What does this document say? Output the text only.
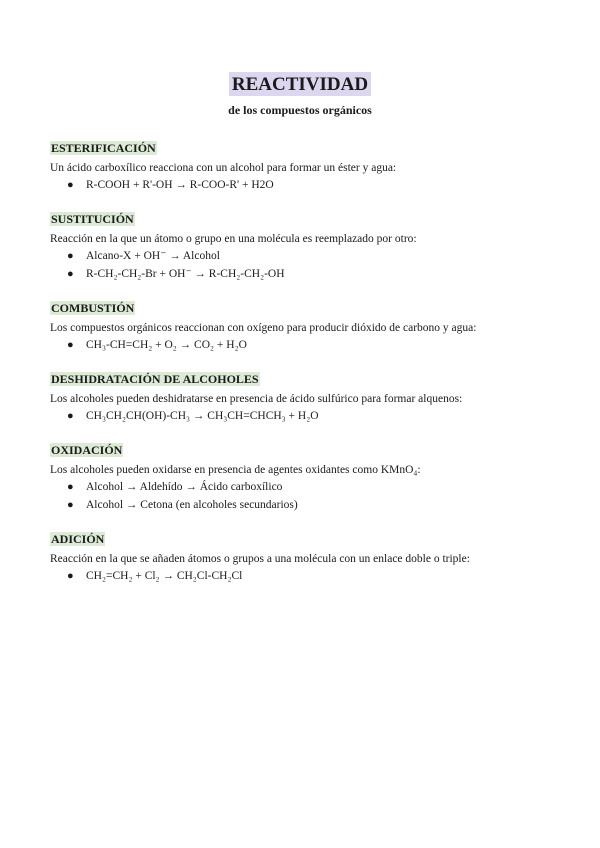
REACTIVIDAD
de los compuestos orgánicos
ESTERIFICACIÓN

Un ácido carboxílico reacciona con un alcohol para formar un éster y agua:

● R-COOH + R'-OH → R-COO-R' + H2O
SUSTITUCIÓN

Reacción en la que un átomo o grupo en una molécula es reemplazado por otro:

● Alcano-X + OH⁻ → Alcohol
● R-CH₂-CH₂-Br + OH⁻ → R-CH₂-CH₂-OH
COMBUSTIÓN

Los compuestos orgánicos reaccionan con oxígeno para producir dióxido de carbono y agua:

● CH₃-CH=CH₂ + O₂ → CO₂ + H₂O
DESHIDRATACIÓN DE ALCOHOLES

Los alcoholes pueden deshidratarse en presencia de ácido sulfúrico para formar alquenos:

● CH₃CH₂CH(OH)-CH₃ → CH₃CH=CHCH₃ + H₂O
OXIDACIÓN

Los alcoholes pueden oxidarse en presencia de agentes oxidantes como KMnO₄:

● Alcohol → Aldehído → Ácido carboxílico
● Alcohol → Cetona (en alcoholes secundarios)
ADICIÓN

Reacción en la que se añaden átomos o grupos a una molécula con un enlace doble o triple:

● CH₂=CH₂ + Cl₂ → CH₂Cl-CH₂Cl
